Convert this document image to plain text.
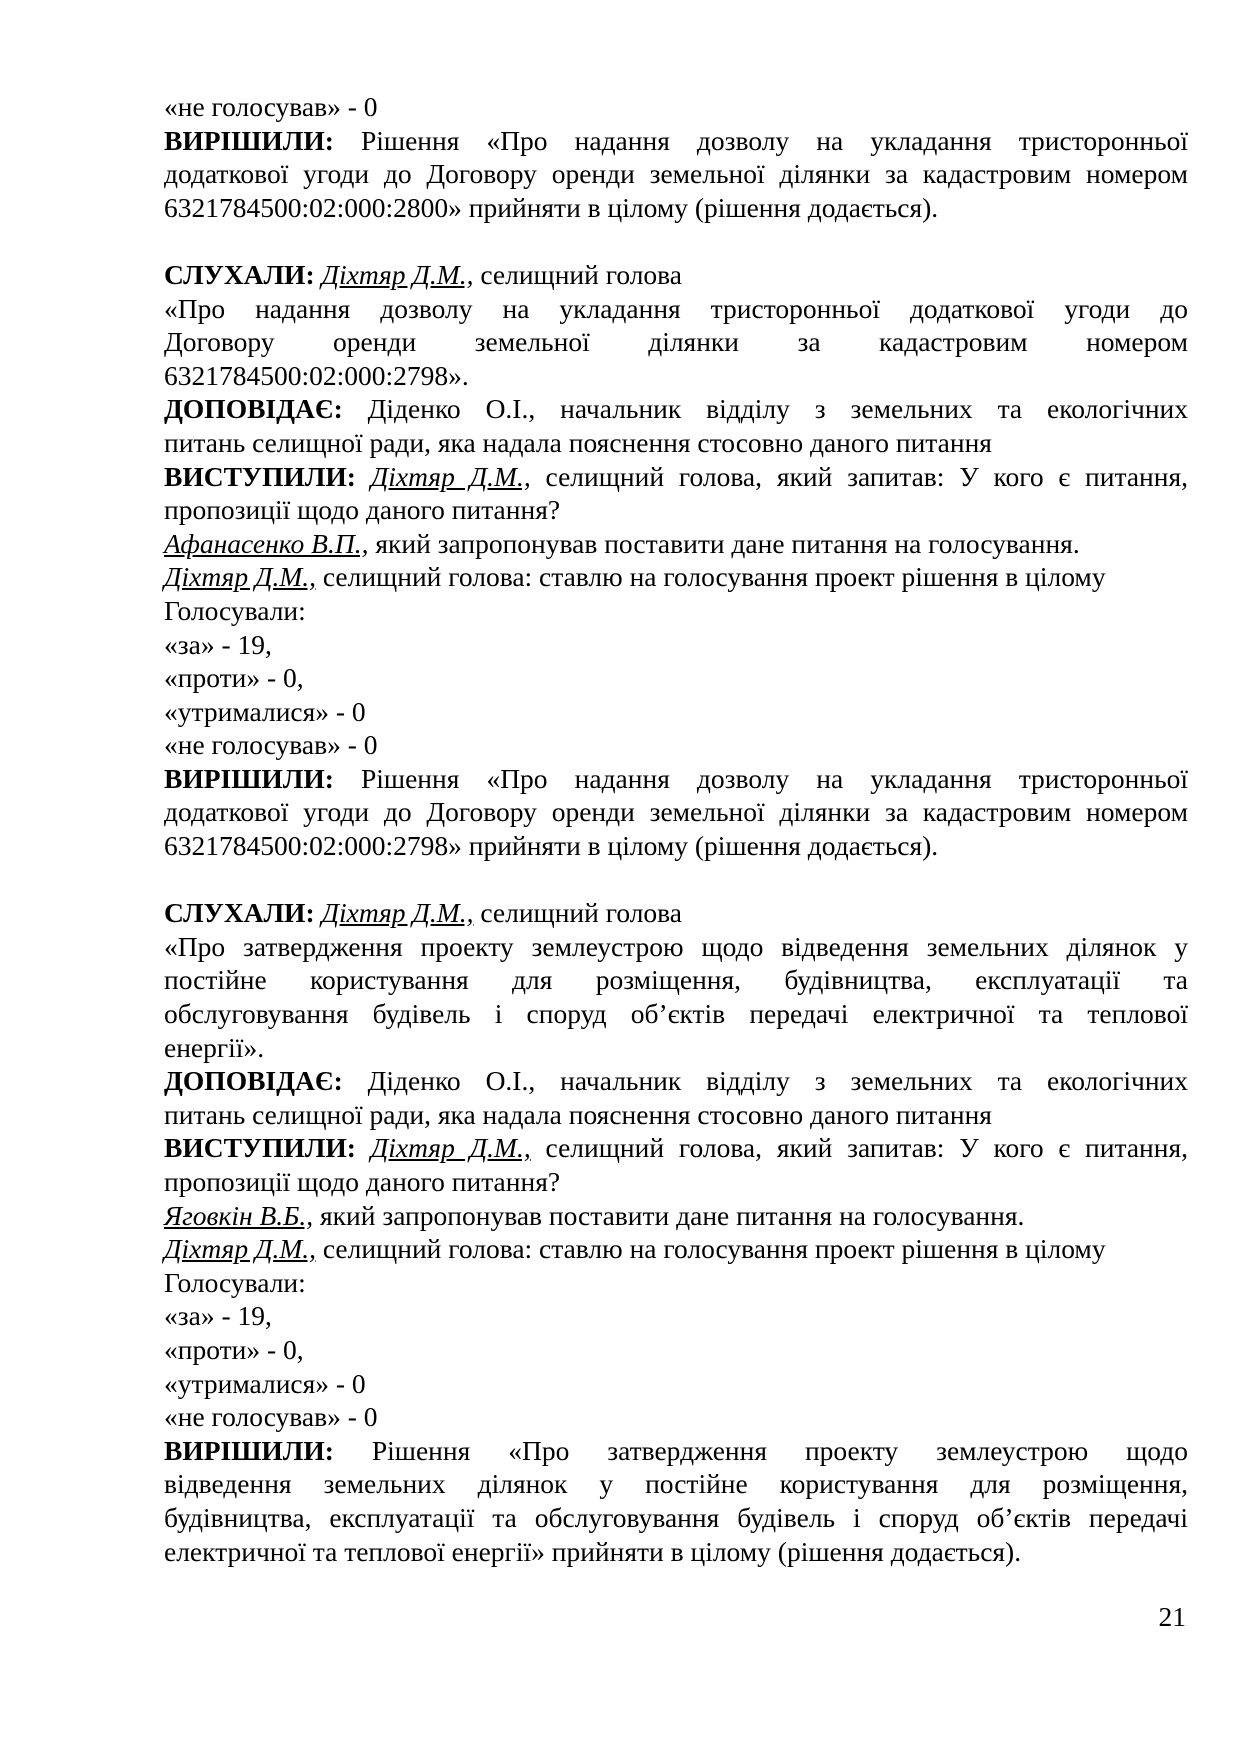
«не голосував» - 0
ВИРІШИЛИ: Рішення «Про надання дозволу на укладання тристоронньої
додаткової угоди до Договору оренди земельної ділянки за кадастровим номером
6321784500:02:000:2800» прийняти в цілому (рішення додається).
СЛУХАЛИ: Діхтяр Д.М., селищний голова
«Про надання дозволу на укладання тристоронньої додаткової угоди до
Договору оренди земельної ділянки за кадастровим номером
6321784500:02:000:2798».
ДОПОВІДАЄ: Діденко О.І., начальник відділу з земельних та екологічних
питань селищної ради, яка надала пояснення стосовно даного питання
ВИСТУПИЛИ: Діхтяр Д.М., селищний голова, який запитав: У кого є питання,
пропозиції щодо даного питання?
Афанасенко В.П., який запропонував поставити дане питання на голосування.
Діхтяр Д.М., селищний голова: ставлю на голосування проект рішення в цілому
Голосували:
«за» - 19,
«проти» - 0,
«утрималися» - 0
«не голосував» - 0
ВИРІШИЛИ: Рішення «Про надання дозволу на укладання тристоронньої
додаткової угоди до Договору оренди земельної ділянки за кадастровим номером
6321784500:02:000:2798» прийняти в цілому (рішення додається).
СЛУХАЛИ: Діхтяр Д.М., селищний голова
«Про затвердження проекту землеустрою щодо відведення земельних ділянок у
постійне користування для розміщення, будівництва, експлуатації та
обслуговування будівель і споруд об’єктів передачі електричної та теплової
енергії».
ДОПОВІДАЄ: Діденко О.І., начальник відділу з земельних та екологічних
питань селищної ради, яка надала пояснення стосовно даного питання
ВИСТУПИЛИ: Діхтяр Д.М., селищний голова, який запитав: У кого є питання,
пропозиції щодо даного питання?
Яговкін В.Б., який запропонував поставити дане питання на голосування.
Діхтяр Д.М., селищний голова: ставлю на голосування проект рішення в цілому
Голосували:
«за» - 19,
«проти» - 0,
«утрималися» - 0
«не голосував» - 0
ВИРІШИЛИ: Рішення «Про затвердження проекту землеустрою щодо
відведення земельних ділянок у постійне користування для розміщення,
будівництва, експлуатації та обслуговування будівель і споруд об’єктів передачі
електричної та теплової енергії» прийняти в цілому (рішення додається).
21
